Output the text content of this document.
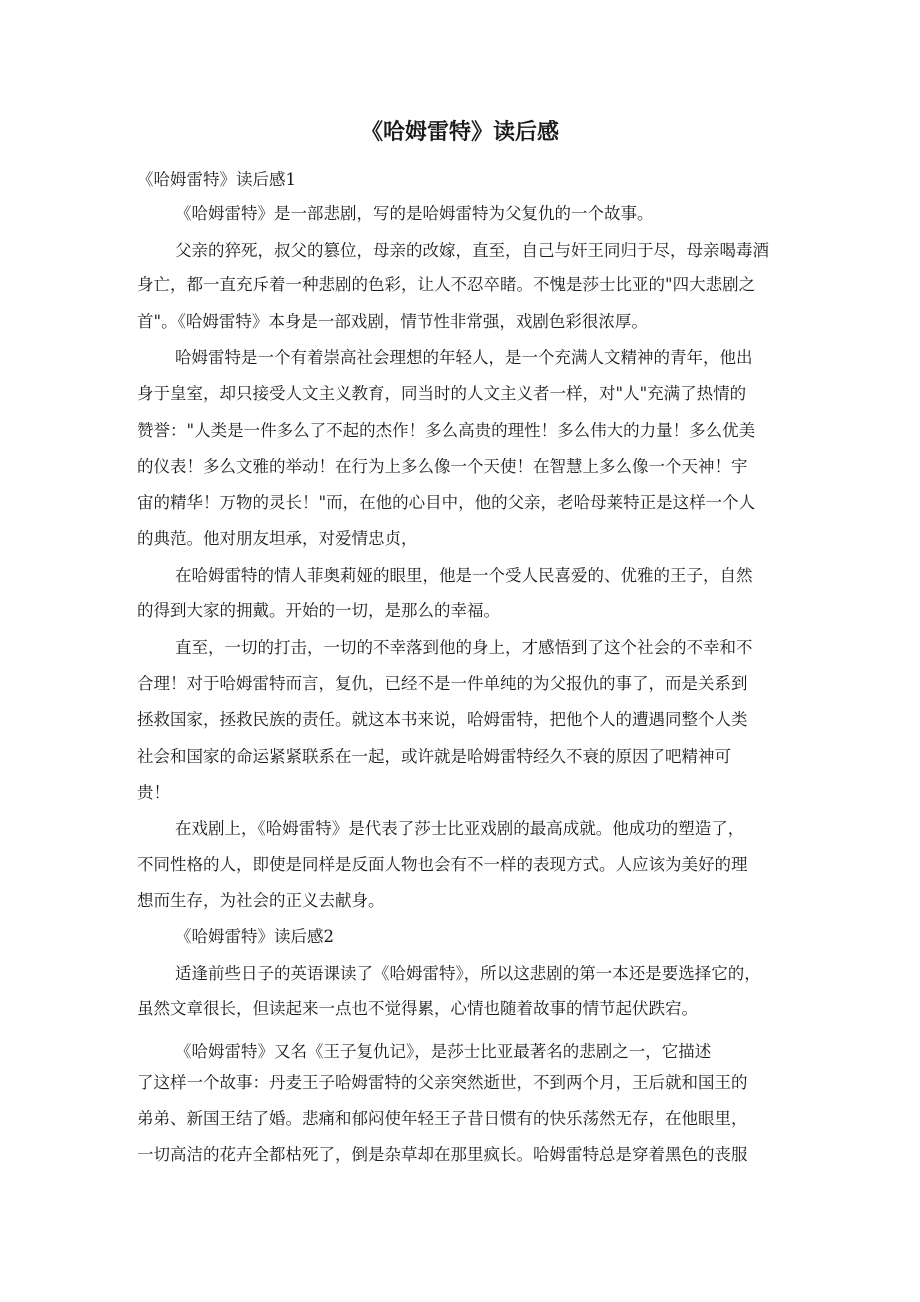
《哈姆雷特》读后感

《哈姆雷特》读后感1

《哈姆雷特》是一部悲剧，写的是哈姆雷特为父复仇的一个故事。

父亲的猝死，叔父的篡位，母亲的改嫁，直至，自己与奸王同归于尽，母亲喝毒酒

身亡，都一直充斥着一种悲剧的色彩，让人不忍卒睹。不愧是莎士比亚的"四大悲剧之

首"。《哈姆雷特》本身是一部戏剧，情节性非常强，戏剧色彩很浓厚。

哈姆雷特是一个有着崇高社会理想的年轻人，是一个充满人文精神的青年，他出

身于皇室，却只接受人文主义教育，同当时的人文主义者一样，对"人"充满了热情的

赞誉："人类是一件多么了不起的杰作！多么高贵的理性！多么伟大的力量！多么优美

的仪表！多么文雅的举动！在行为上多么像一个天使！在智慧上多么像一个天神！宇

宙的精华！万物的灵长！"而，在他的心目中，他的父亲，老哈母莱特正是这样一个人

的典范。他对朋友坦承，对爱情忠贞，

在哈姆雷特的情人菲奥莉娅的眼里，他是一个受人民喜爱的、优雅的王子，自然

的得到大家的拥戴。开始的一切，是那么的幸福。

直至，一切的打击，一切的不幸落到他的身上，才感悟到了这个社会的不幸和不

合理！对于哈姆雷特而言，复仇，已经不是一件单纯的为父报仇的事了，而是关系到

拯救国家，拯救民族的责任。就这本书来说，哈姆雷特，把他个人的遭遇同整个人类

社会和国家的命运紧紧联系在一起，或许就是哈姆雷特经久不衰的原因了吧精神可

贵！

在戏剧上，《哈姆雷特》是代表了莎士比亚戏剧的最高成就。他成功的塑造了，

不同性格的人，即使是同样是反面人物也会有不一样的表现方式。人应该为美好的理

想而生存，为社会的正义去献身。

《哈姆雷特》读后感2

适逢前些日子的英语课读了《哈姆雷特》，所以这悲剧的第一本还是要选择它的，

虽然文章很长，但读起来一点也不觉得累，心情也随着故事的情节起伏跌宕。

《哈姆雷特》又名《王子复仇记》，是莎士比亚最著名的悲剧之一，它描述

了这样一个故事：丹麦王子哈姆雷特的父亲突然逝世，不到两个月，王后就和国王的

弟弟、新国王结了婚。悲痛和郁闷使年轻王子昔日惯有的快乐荡然无存，在他眼里，

一切高洁的花卉全都枯死了，倒是杂草却在那里疯长。哈姆雷特总是穿着黑色的丧服
